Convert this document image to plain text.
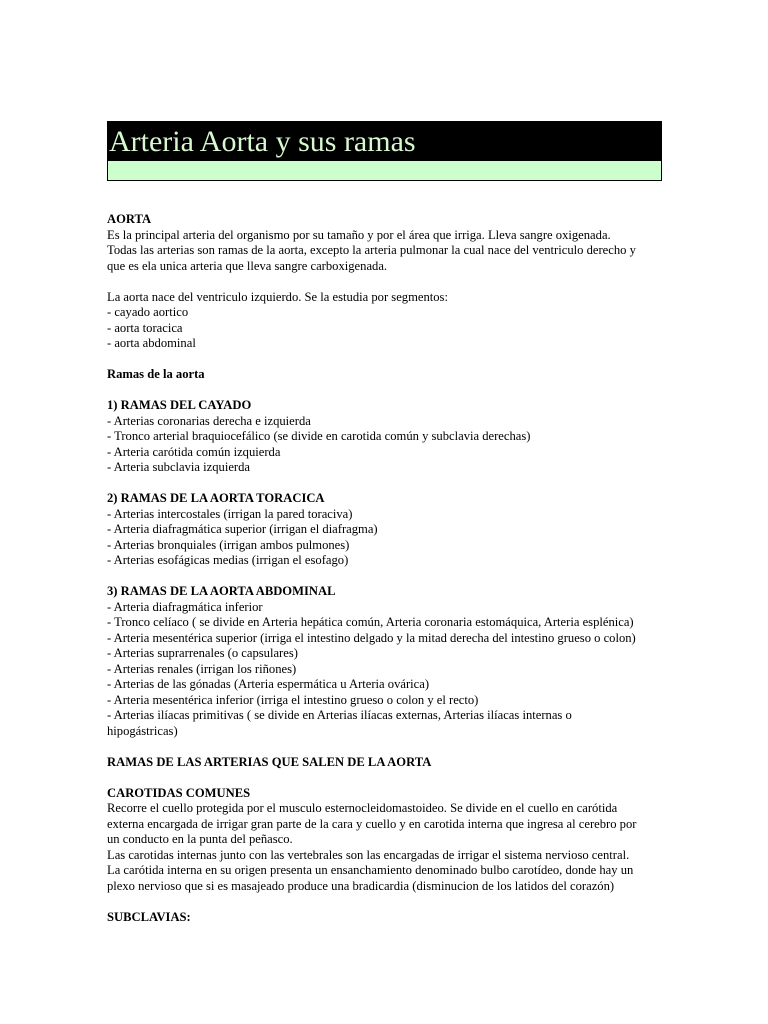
Arteria Aorta y sus ramas
AORTA
Es la principal arteria del organismo por su tamaño y por el área que irriga. Lleva sangre oxigenada.
Todas las arterias son ramas de la aorta, excepto la arteria pulmonar la cual nace del ventriculo derecho y
que es ela unica arteria que lleva sangre carboxigenada.
La aorta nace del ventriculo izquierdo. Se la estudia por segmentos:
- cayado aortico
- aorta toracica
- aorta abdominal
Ramas de la aorta
1) RAMAS DEL CAYADO
- Arterias coronarias derecha e izquierda
- Tronco arterial braquiocefálico (se divide en carotida común y subclavia derechas)
- Arteria carótida común izquierda
- Arteria subclavia izquierda
2) RAMAS DE LA AORTA TORACICA
- Arterias intercostales (irrigan la pared toraciva)
- Arteria diafragmática superior (irrigan el diafragma)
- Arterias bronquiales (irrigan ambos pulmones)
- Arterias esofágicas medias (irrigan el esofago)
3) RAMAS DE LA AORTA ABDOMINAL
- Arteria diafragmática inferior
- Tronco celíaco ( se divide en Arteria hepática común, Arteria coronaria estomáquica, Arteria esplénica)
- Arteria mesentérica superior (irriga el intestino delgado y la mitad derecha del intestino grueso o colon)
- Arterias suprarrenales (o capsulares)
- Arterias renales (irrigan los riñones)
- Arterias de las gónadas (Arteria espermática u Arteria ovárica)
- Arteria mesentérica inferior (irriga el intestino grueso o colon y el recto)
- Arterias ilíacas primitivas ( se divide en Arterias ilíacas externas, Arterias ilíacas internas o
hipogástricas)
RAMAS DE LAS ARTERIAS QUE SALEN DE LA AORTA
CAROTIDAS COMUNES
Recorre el cuello protegida por el musculo esternocleidomastoideo. Se divide en el cuello en carótida
externa encargada de irrigar gran parte de la cara y cuello y en carotida interna que ingresa al cerebro por
un conducto en la punta del peñasco.
Las carotidas internas junto con las vertebrales son las encargadas de irrigar el sistema nervioso central.
La carótida interna en su origen presenta un ensanchamiento denominado bulbo carotídeo, donde hay un
plexo nervioso que si es masajeado produce una bradicardia (disminucion de los latidos del corazón)
SUBCLAVIAS:
